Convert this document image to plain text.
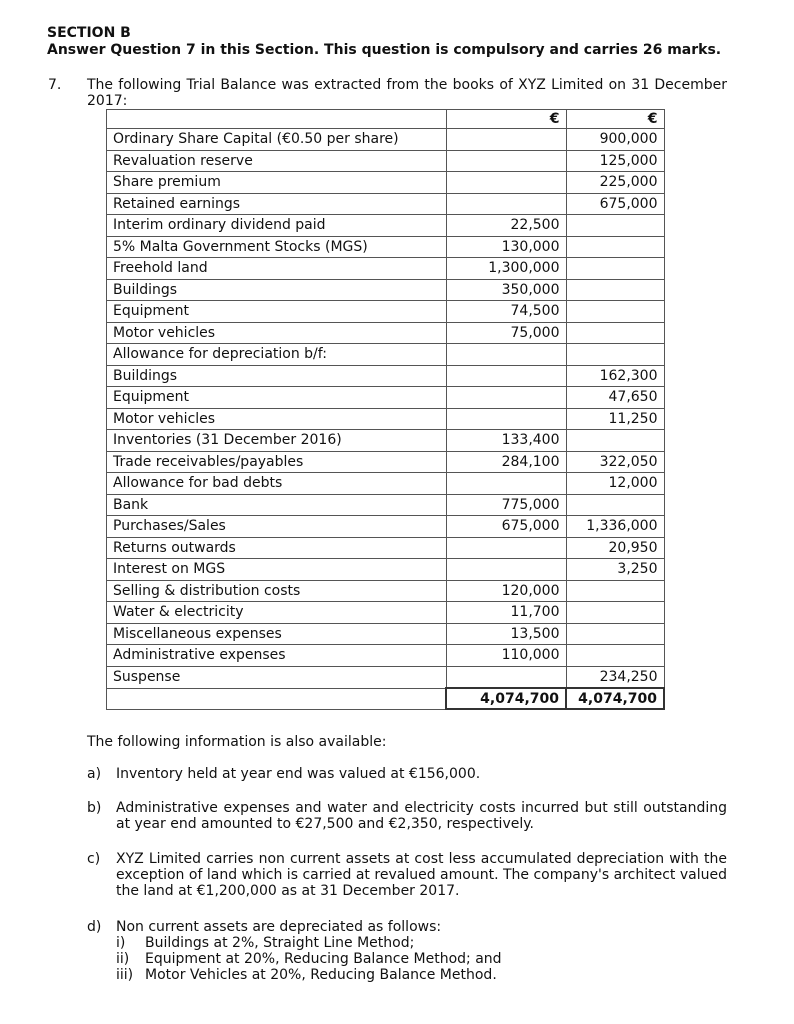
SECTION B
Answer Question 7 in this Section. This question is compulsory and carries 26 marks.
7. The following Trial Balance was extracted from the books of XYZ Limited on 31 December 2017:
	€	€
Ordinary Share Capital (€0.50 per share)		900,000
Revaluation reserve		125,000
Share premium		225,000
Retained earnings		675,000
Interim ordinary dividend paid	22,500	
5% Malta Government Stocks (MGS)	130,000	
Freehold land	1,300,000	
Buildings	350,000	
Equipment	74,500	
Motor vehicles	75,000	
Allowance for depreciation b/f:		
Buildings		162,300
Equipment		47,650
Motor vehicles		11,250
Inventories (31 December 2016)	133,400	
Trade receivables/payables	284,100	322,050
Allowance for bad debts		12,000
Bank	775,000	
Purchases/Sales	675,000	1,336,000
Returns outwards		20,950
Interest on MGS		3,250
Selling & distribution costs	120,000	
Water & electricity	11,700	
Miscellaneous expenses	13,500	
Administrative expenses	110,000	
Suspense		234,250
	4,074,700	4,074,700
The following information is also available:
a) Inventory held at year end was valued at €156,000.
b) Administrative expenses and water and electricity costs incurred but still outstanding at year end amounted to €27,500 and €2,350, respectively.
c) XYZ Limited carries non current assets at cost less accumulated depreciation with the exception of land which is carried at revalued amount. The company's architect valued the land at €1,200,000 as at 31 December 2017.
d) Non current assets are depreciated as follows:
i) Buildings at 2%, Straight Line Method;
ii) Equipment at 20%, Reducing Balance Method; and
iii) Motor Vehicles at 20%, Reducing Balance Method.
